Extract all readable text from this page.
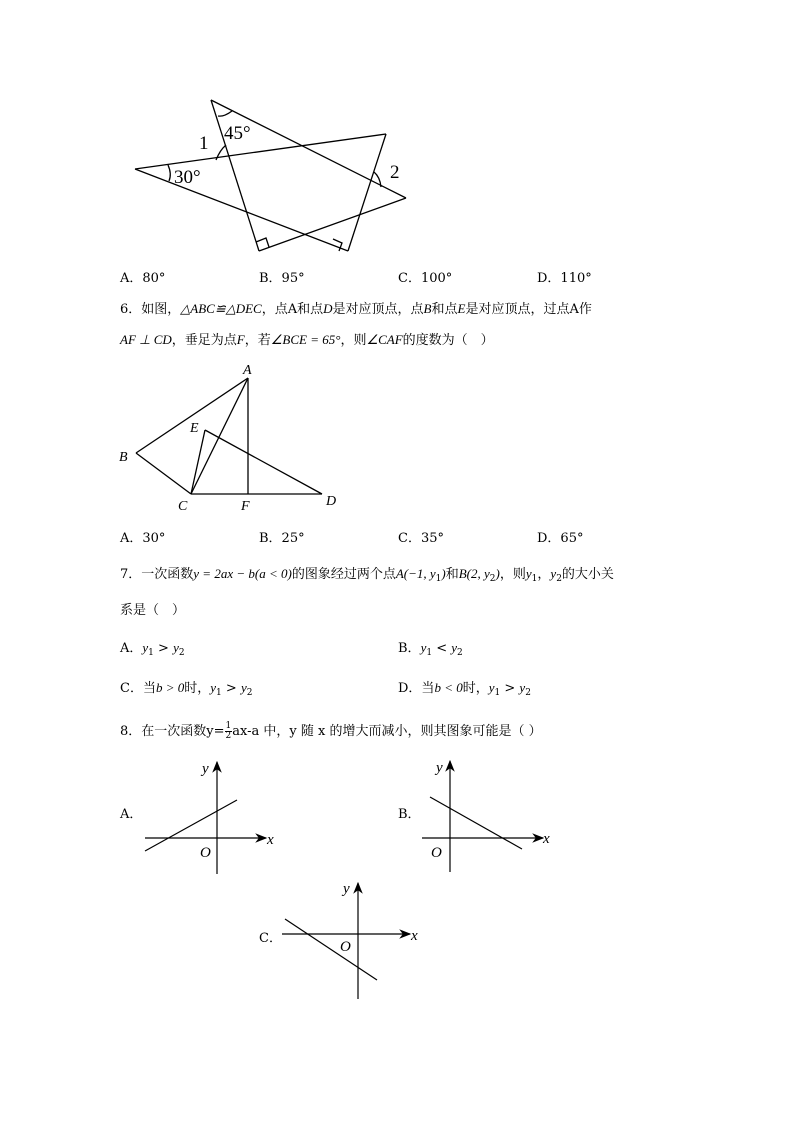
45°
1
30°	2
A．80°	B．95°	C．100°	D．110°
6．如图，△ABC≌△DEC，点A和点D是对应顶点，点B和点E是对应顶点，过点A作
AF ⊥ CD，垂足为点F，若∠BCE = 65°，则∠CAF的度数为（　）
A
B
C	D
E
F
A．30°	B．25°	C．35°	D．65°
7．一次函数y = 2ax − b(a < 0)的图象经过两个点A(−1, $y_1$)和B(2, $y_2$)，则$y_1$，$y_2$的大小关
系是（　）
A．$y_1 > y_2$	B．$y_1 < y_2$
C．当b > 0时，$y_1 > y_2$	D．当b < 0时，$y_1 > y_2$
8．在一次函数$y= \frac{1}{2} ax-a$ 中，y 随 x 的增大而减小，则其图象可能是（ ）
A．	B．
C．
y
x
O
y
x
O
y
x
O
